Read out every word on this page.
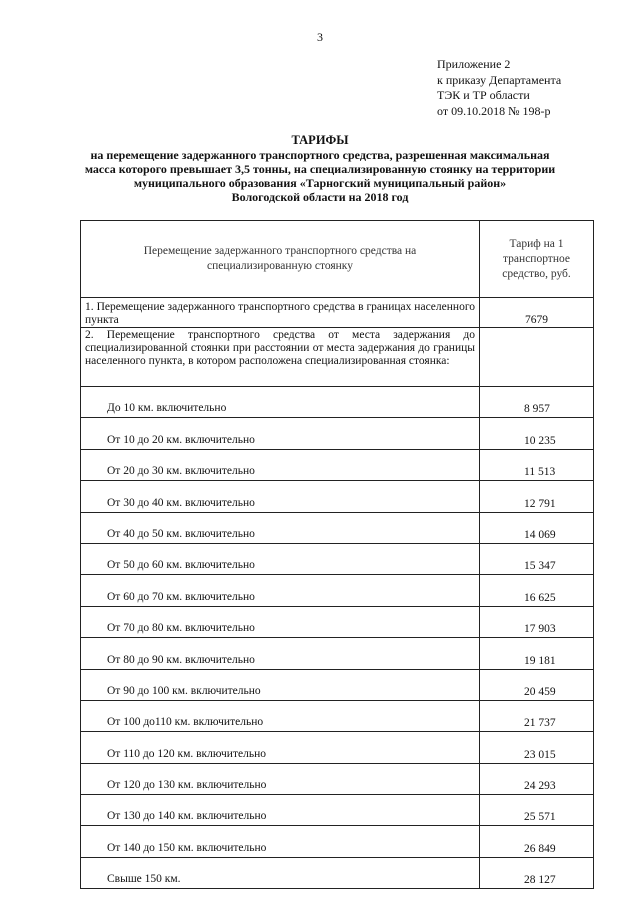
3
Приложение 2
к приказу Департамента
ТЭК и ТР области
от 09.10.2018 № 198-р
ТАРИФЫ
на перемещение задержанного транспортного средства, разрешенная максимальная
масса которого превышает 3,5 тонны, на специализированную стоянку на территории
муниципального образования «Тарногский муниципальный район»
Вологодской области на 2018 год
Перемещение задержанного транспортного средства на специализированную стоянку	Тариф на 1 транспортное средство, руб.
1. Перемещение задержанного транспортного средства в границах населенного пункта	7679
2. Перемещение транспортного средства от места задержания до специализированной стоянки при расстоянии от места задержания до границы населенного пункта, в котором расположена специализированная стоянка:	
До 10 км. включительно	8 957
От 10 до 20 км. включительно	10 235
От 20 до 30 км. включительно	11 513
От 30 до 40 км. включительно	12 791
От 40 до 50 км. включительно	14 069
От 50 до 60 км. включительно	15 347
От 60 до 70 км. включительно	16 625
От 70 до 80 км. включительно	17 903
От 80 до 90 км. включительно	19 181
От 90 до 100 км. включительно	20 459
От 100 до110 км. включительно	21 737
От 110 до 120 км. включительно	23 015
От 120 до 130 км. включительно	24 293
От 130 до 140 км. включительно	25 571
От 140 до 150 км. включительно	26 849
Свыше 150 км.	28 127
